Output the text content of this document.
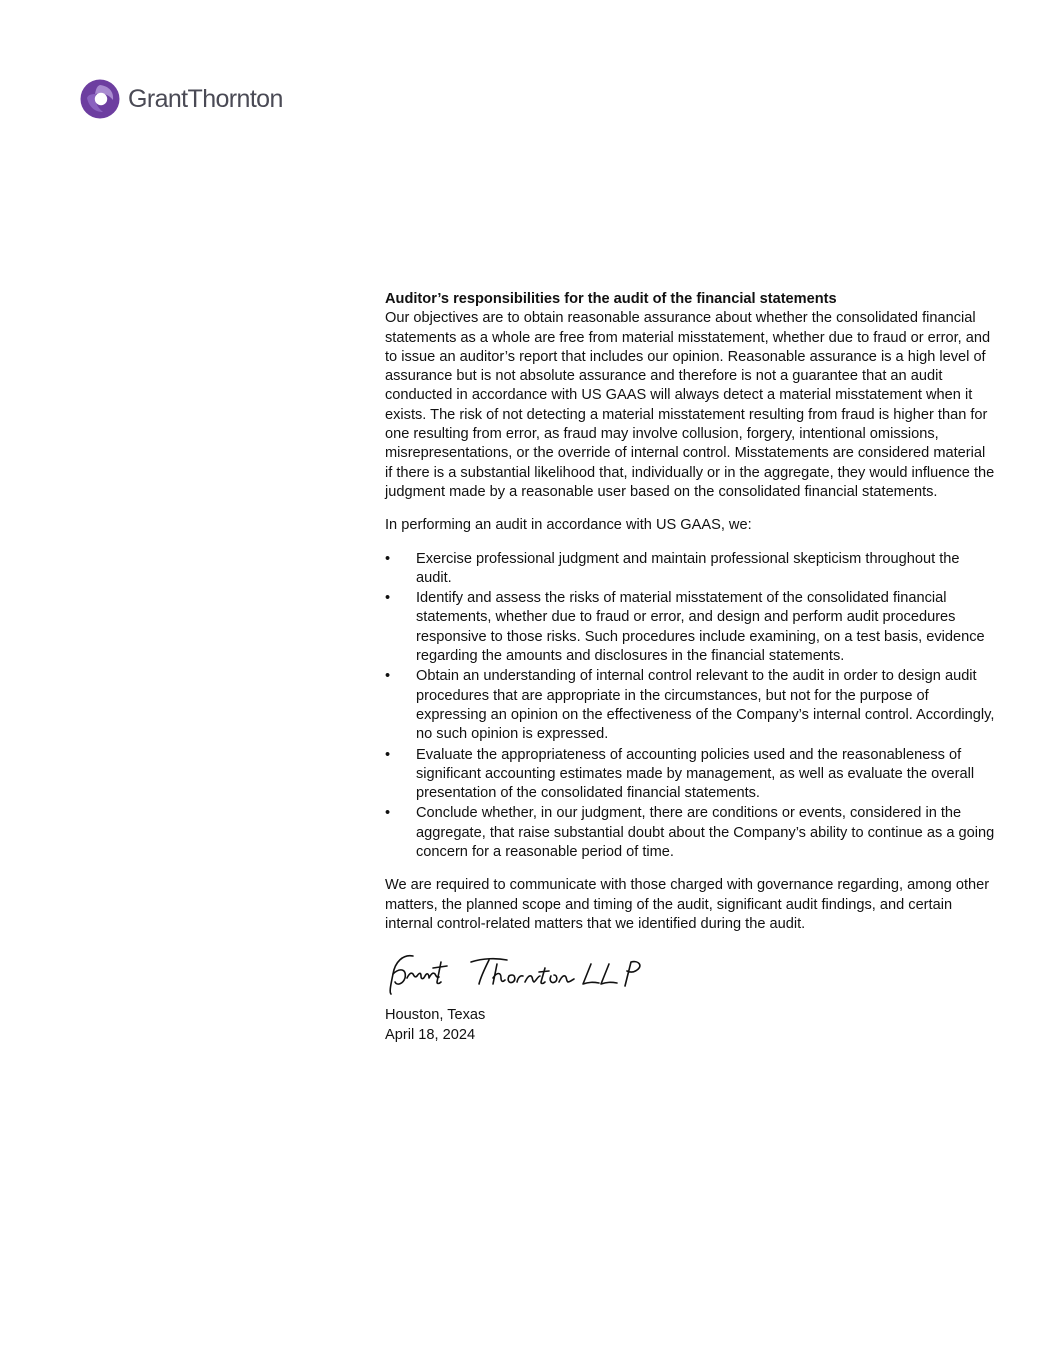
GrantThornton

Auditor’s responsibilities for the audit of the financial statements

Our objectives are to obtain reasonable assurance about whether the consolidated financial statements as a whole are free from material misstatement, whether due to fraud or error, and to issue an auditor’s report that includes our opinion. Reasonable assurance is a high level of assurance but is not absolute assurance and therefore is not a guarantee that an audit conducted in accordance with US GAAS will always detect a material misstatement when it exists. The risk of not detecting a material misstatement resulting from fraud is higher than for one resulting from error, as fraud may involve collusion, forgery, intentional omissions, misrepresentations, or the override of internal control. Misstatements are considered material if there is a substantial likelihood that, individually or in the aggregate, they would influence the judgment made by a reasonable user based on the consolidated financial statements.

In performing an audit in accordance with US GAAS, we:

• Exercise professional judgment and maintain professional skepticism throughout the audit.
• Identify and assess the risks of material misstatement of the consolidated financial statements, whether due to fraud or error, and design and perform audit procedures responsive to those risks. Such procedures include examining, on a test basis, evidence regarding the amounts and disclosures in the financial statements.
• Obtain an understanding of internal control relevant to the audit in order to design audit procedures that are appropriate in the circumstances, but not for the purpose of expressing an opinion on the effectiveness of the Company’s internal control. Accordingly, no such opinion is expressed.
• Evaluate the appropriateness of accounting policies used and the reasonableness of significant accounting estimates made by management, as well as evaluate the overall presentation of the consolidated financial statements.
• Conclude whether, in our judgment, there are conditions or events, considered in the aggregate, that raise substantial doubt about the Company’s ability to continue as a going concern for a reasonable period of time.

We are required to communicate with those charged with governance regarding, among other matters, the planned scope and timing of the audit, significant audit findings, and certain internal control-related matters that we identified during the audit.

Houston, Texas

April 18, 2024
